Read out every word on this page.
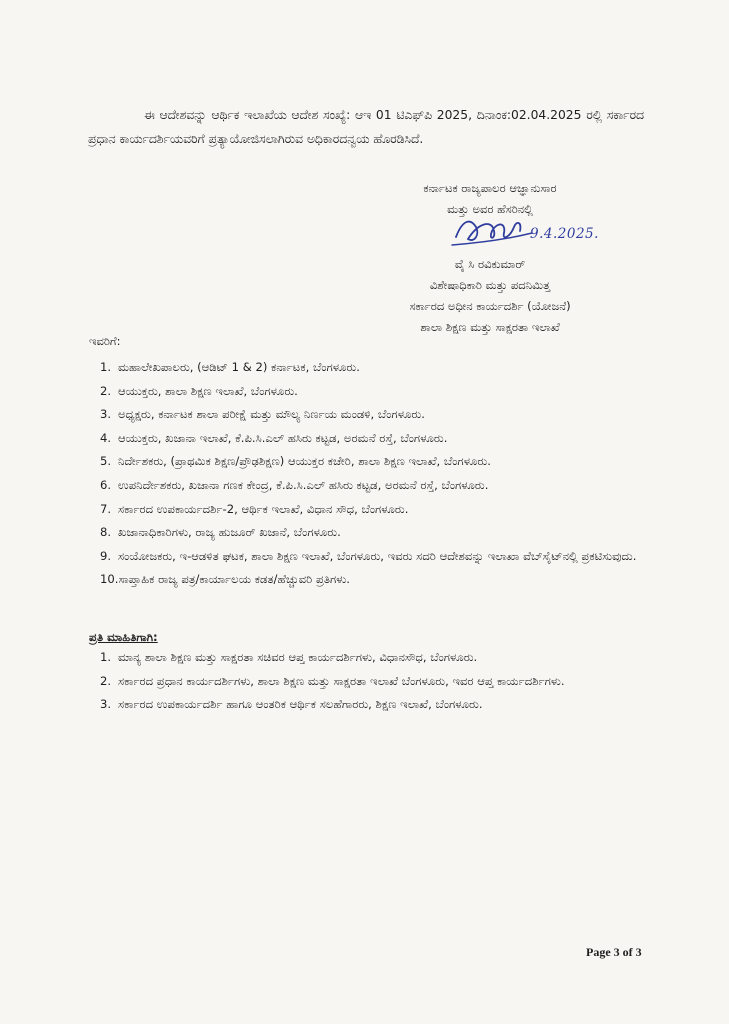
ಈ ಆದೇಶವನ್ನು ಆರ್ಥಿಕ ಇಲಾಖೆಯ ಆದೇಶ ಸಂಖ್ಯೆ: ಆಇ 01 ಟಿಎಫ್‌ಪಿ 2025, ದಿನಾಂಕ:02.04.2025 ರಲ್ಲಿ ಸರ್ಕಾರದ ಪ್ರಧಾನ ಕಾರ್ಯದರ್ಶಿಯವರಿಗೆ ಪ್ರತ್ಯಾಯೋಜಿಸಲಾಗಿರುವ ಅಧಿಕಾರದನ್ವಯ ಹೊರಡಿಸಿದೆ.
ಕರ್ನಾಟಕ ರಾಜ್ಯಪಾಲರ ಆಜ್ಞಾನುಸಾರ
ಮತ್ತು ಅವರ ಹೆಸರಿನಲ್ಲಿ
ವೈ ಸಿ ರವಿಕುಮಾರ್
ವಿಶೇಷಾಧಿಕಾರಿ ಮತ್ತು ಪದನಿಮಿತ್ತ
ಸರ್ಕಾರದ ಅಧೀನ ಕಾರ್ಯದರ್ಶಿ (ಯೋಜನೆ)
ಶಾಲಾ ಶಿಕ್ಷಣ ಮತ್ತು ಸಾಕ್ಷರತಾ ಇಲಾಖೆ
9.4.2025.
ಇವರಿಗೆ:
1. ಮಹಾಲೇಖಪಾಲರು, (ಆಡಿಟ್ 1 & 2) ಕರ್ನಾಟಕ, ಬೆಂಗಳೂರು.
2. ಆಯುಕ್ತರು, ಶಾಲಾ ಶಿಕ್ಷಣ ಇಲಾಖೆ, ಬೆಂಗಳೂರು.
3. ಅಧ್ಯಕ್ಷರು, ಕರ್ನಾಟಕ ಶಾಲಾ ಪರೀಕ್ಷೆ ಮತ್ತು ಮೌಲ್ಯ ನಿರ್ಣಯ ಮಂಡಳಿ, ಬೆಂಗಳೂರು.
4. ಆಯುಕ್ತರು, ಖಜಾನಾ ಇಲಾಖೆ, ಕೆ.ಪಿ.ಸಿ.ಎಲ್ ಹಸಿರು ಕಟ್ಟಡ, ಅರಮನೆ ರಸ್ತೆ, ಬೆಂಗಳೂರು.
5. ನಿರ್ದೇಶಕರು, (ಪ್ರಾಥಮಿಕ ಶಿಕ್ಷಣ/ಪ್ರೌಢಶಿಕ್ಷಣ) ಆಯುಕ್ತರ ಕಚೇರಿ, ಶಾಲಾ ಶಿಕ್ಷಣ ಇಲಾಖೆ, ಬೆಂಗಳೂರು.
6. ಉಪನಿರ್ದೇಶಕರು, ಖಜಾನಾ ಗಣಕ ಕೇಂದ್ರ, ಕೆ.ಪಿ.ಸಿ.ಎಲ್ ಹಸಿರು ಕಟ್ಟಡ, ಅರಮನೆ ರಸ್ತೆ, ಬೆಂಗಳೂರು.
7. ಸರ್ಕಾರದ ಉಪಕಾರ್ಯದರ್ಶಿ-2, ಆರ್ಥಿಕ ಇಲಾಖೆ, ವಿಧಾನ ಸೌಧ, ಬೆಂಗಳೂರು.
8. ಖಜಾನಾಧಿಕಾರಿಗಳು, ರಾಜ್ಯ ಹುಜೂರ್ ಖಜಾನೆ, ಬೆಂಗಳೂರು.
9. ಸಂಯೋಜಕರು, ಇ-ಆಡಳಿತ ಘಟಕ, ಶಾಲಾ ಶಿಕ್ಷಣ ಇಲಾಖೆ, ಬೆಂಗಳೂರು, ಇವರು ಸದರಿ ಆದೇಶವನ್ನು ಇಲಾಖಾ ವೆಬ್‌ಸೈಟ್‌ನಲ್ಲಿ ಪ್ರಕಟಿಸುವುದು.
10.ಸಾಪ್ತಾಹಿಕ ರಾಜ್ಯ ಪತ್ರ/ಕಾರ್ಯಾಲಯ ಕಡತ/ಹೆಚ್ಚುವರಿ ಪ್ರತಿಗಳು.
ಪ್ರತಿ ಮಾಹಿತಿಗಾಗಿ:
1. ಮಾನ್ಯ ಶಾಲಾ ಶಿಕ್ಷಣ ಮತ್ತು ಸಾಕ್ಷರತಾ ಸಚಿವರ ಆಪ್ತ ಕಾರ್ಯದರ್ಶಿಗಳು, ವಿಧಾನಸೌಧ, ಬೆಂಗಳೂರು.
2. ಸರ್ಕಾರದ ಪ್ರಧಾನ ಕಾರ್ಯದರ್ಶಿಗಳು, ಶಾಲಾ ಶಿಕ್ಷಣ ಮತ್ತು ಸಾಕ್ಷರತಾ ಇಲಾಖೆ ಬೆಂಗಳೂರು, ಇವರ ಆಪ್ತ ಕಾರ್ಯದರ್ಶಿಗಳು.
3. ಸರ್ಕಾರದ ಉಪಕಾರ್ಯದರ್ಶಿ ಹಾಗೂ ಆಂತರಿಕ ಆರ್ಥಿಕ ಸಲಹೆಗಾರರು, ಶಿಕ್ಷಣ ಇಲಾಖೆ, ಬೆಂಗಳೂರು.
Page 3 of 3
